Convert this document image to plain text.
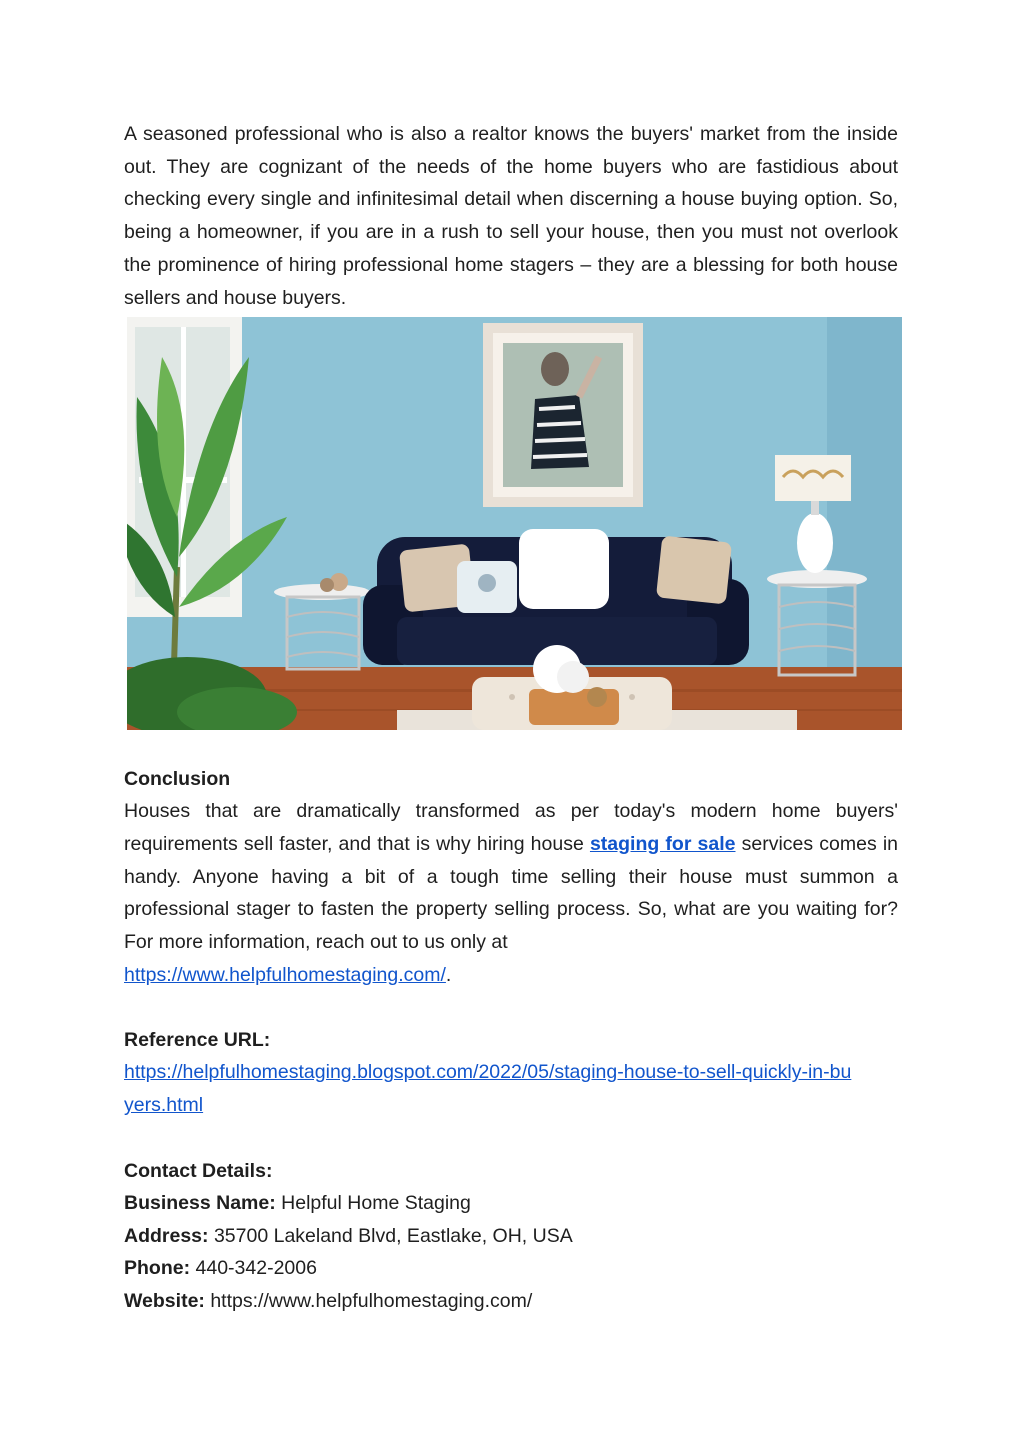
A seasoned professional who is also a realtor knows the buyers' market from the inside out. They are cognizant of the needs of the home buyers who are fastidious about checking every single and infinitesimal detail when discerning a house buying option. So, being a homeowner, if you are in a rush to sell your house, then you must not overlook the prominence of hiring professional home stagers – they are a blessing for both house sellers and house buyers.

Conclusion

Houses that are dramatically transformed as per today's modern home buyers' requirements sell faster, and that is why hiring house staging for sale services comes in handy. Anyone having a bit of a tough time selling their house must summon a professional stager to fasten the property selling process. So, what are you waiting for? For more information, reach out to us only at
https://www.helpfulhomestaging.com/.

Reference URL:

https://helpfulhomestaging.blogspot.com/2022/05/staging-house-to-sell-quickly-in-bu
yers.html

Contact Details:

Business Name: Helpful Home Staging

Address: 35700 Lakeland Blvd, Eastlake, OH, USA

Phone: 440-342-2006

Website: https://www.helpfulhomestaging.com/
